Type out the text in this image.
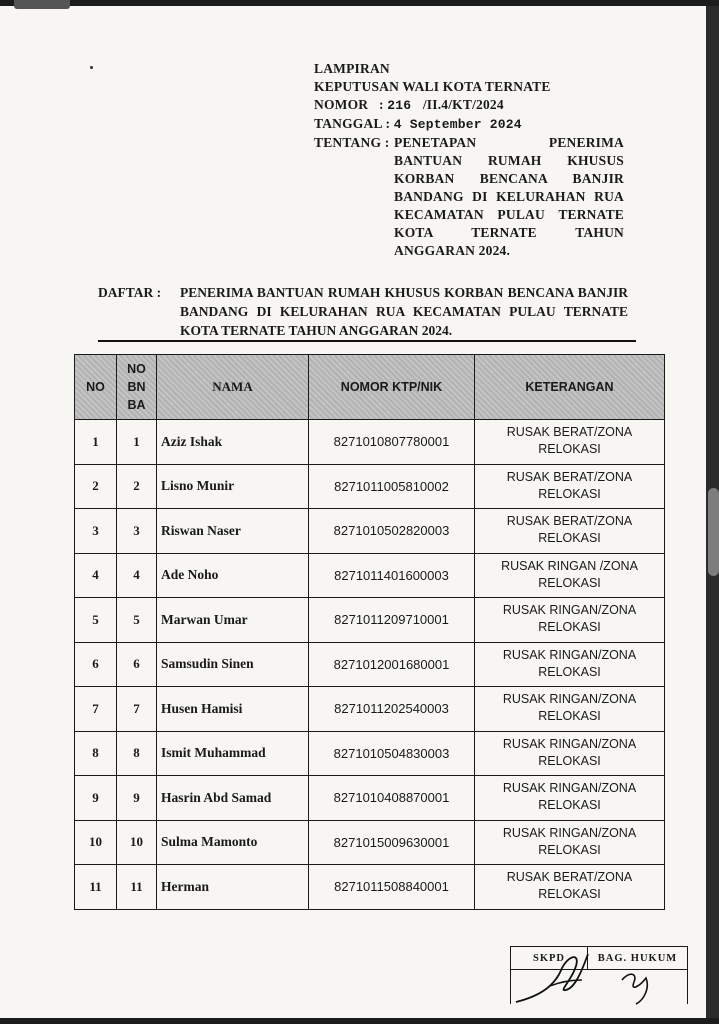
LAMPIRAN
KEPUTUSAN WALI KOTA TERNATE
NOMOR   : 216 /II.4/KT/2024
TANGGAL : 4 September 2024
TENTANG : PENETAPAN PENERIMA BANTUAN RUMAH KHUSUS KORBAN BENCANA BANJIR BANDANG DI KELURAHAN RUA KECAMATAN PULAU TERNATE KOTA TERNATE TAHUN ANGGARAN 2024.
DAFTAR :	PENERIMA BANTUAN RUMAH KHUSUS KORBAN BENCANA BANJIR BANDANG DI KELURAHAN RUA KECAMATAN PULAU TERNATE KOTA TERNATE TAHUN ANGGARAN 2024.
NO	NO
BN
BA	NAMA	NOMOR KTP/NIK	KETERANGAN
1	1	Aziz Ishak	8271010807780001	RUSAK BERAT/ZONA
RELOKASI

2	2	Lisno Munir	8271011005810002	RUSAK BERAT/ZONA
RELOKASI

3	3	Riswan Naser	8271010502820003	RUSAK BERAT/ZONA
RELOKASI

4	4	Ade Noho	8271011401600003	RUSAK RINGAN /ZONA
RELOKASI

5	5	Marwan Umar	8271011209710001	RUSAK RINGAN/ZONA
RELOKASI

6	6	Samsudin Sinen	8271012001680001	RUSAK RINGAN/ZONA
RELOKASI

7	7	Husen Hamisi	8271011202540003	RUSAK RINGAN/ZONA
RELOKASI

8	8	Ismit Muhammad	8271010504830003	RUSAK RINGAN/ZONA
RELOKASI

9	9	Hasrin Abd Samad	8271010408870001	RUSAK RINGAN/ZONA
RELOKASI

10	10	Sulma Mamonto	8271015009630001	RUSAK RINGAN/ZONA
RELOKASI

11	11	Herman	8271011508840001	RUSAK BERAT/ZONA
RELOKASI
SKPD	BAG. HUKUM
